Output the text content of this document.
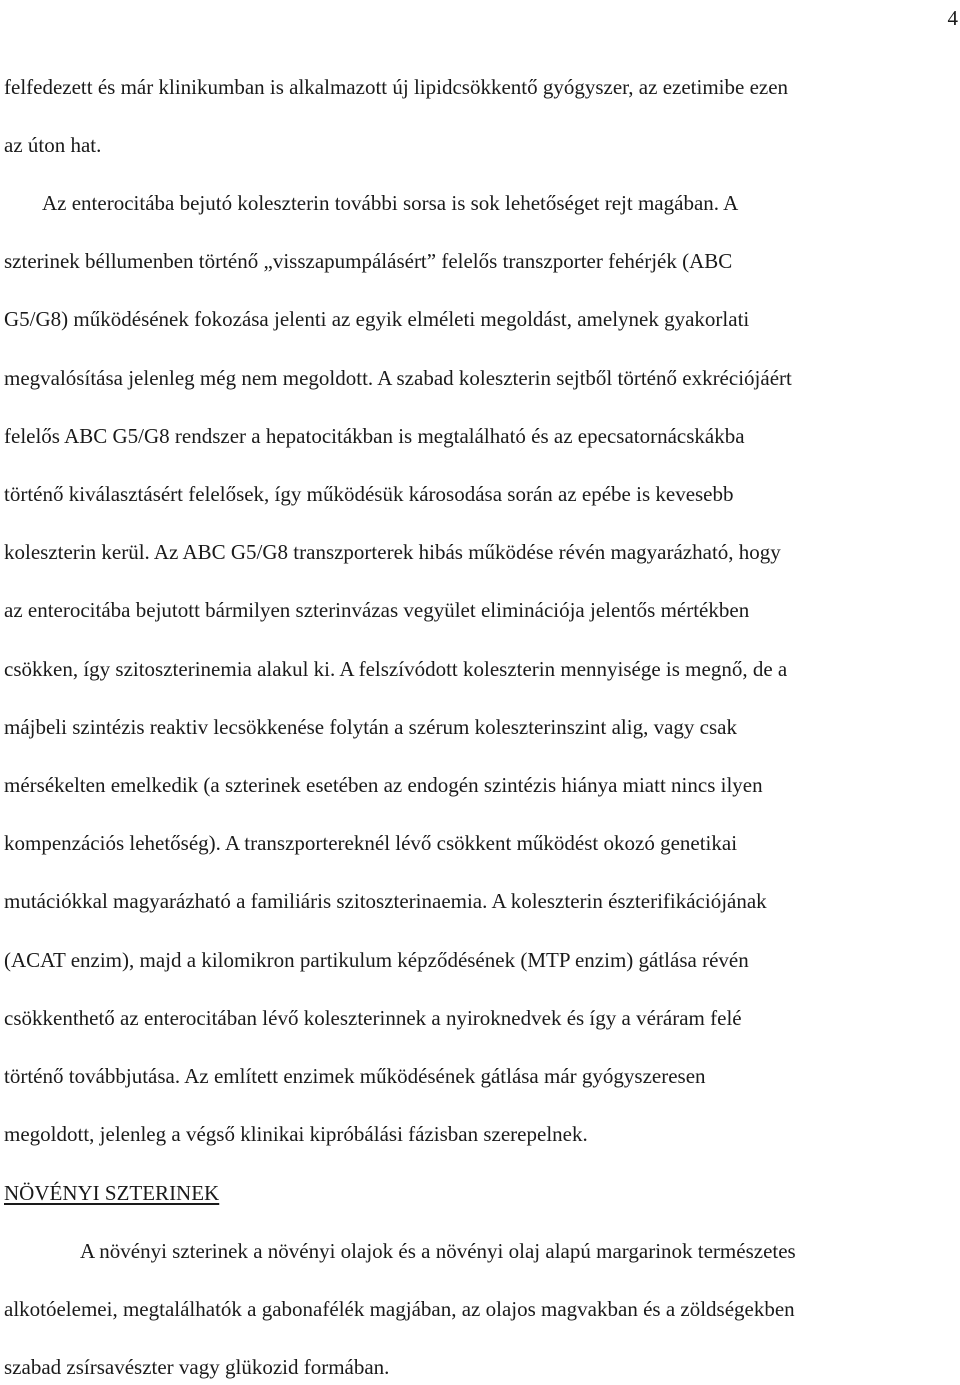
4
felfedezett és már klinikumban is alkalmazott új lipidcsökkentő gyógyszer, az ezetimibe ezen
az úton hat.
Az enterocitába bejutó koleszterin további sorsa is sok lehetőséget rejt magában. A
szterinek béllumenben történő „visszapumpálásért” felelős transzporter fehérjék (ABC
G5/G8) működésének fokozása jelenti az egyik elméleti megoldást, amelynek gyakorlati
megvalósítása jelenleg még nem megoldott. A szabad koleszterin sejtből történő exkréciójáért
felelős ABC G5/G8 rendszer a hepatocitákban is megtalálható és az epecsatornácskákba
történő kiválasztásért felelősek, így működésük károsodása során az epébe is kevesebb
koleszterin kerül. Az ABC G5/G8 transzporterek hibás működése révén magyarázható, hogy
az enterocitába bejutott bármilyen szterinvázas vegyület eliminációja jelentős mértékben
csökken, így szitoszterinemia alakul ki. A felszívódott koleszterin mennyisége is megnő, de a
májbeli szintézis reaktiv lecsökkenése folytán a szérum koleszterinszint alig, vagy csak
mérsékelten emelkedik (a szterinek esetében az endogén szintézis hiánya miatt nincs ilyen
kompenzációs lehetőség). A transzportereknél lévő csökkent működést okozó genetikai
mutációkkal magyarázható a familiáris szitoszterinaemia. A koleszterin észterifikációjának
(ACAT enzim), majd a kilomikron partikulum képződésének (MTP enzim) gátlása révén
csökkenthető az enterocitában lévő koleszterinnek a nyiroknedvek és így a véráram felé
történő továbbjutása. Az említett enzimek működésének gátlása már gyógyszeresen
megoldott, jelenleg a végső klinikai kipróbálási fázisban szerepelnek.
NÖVÉNYI SZTERINEK
A növényi szterinek a növényi olajok és a növényi olaj alapú margarinok természetes
alkotóelemei, megtalálhatók a gabonafélék magjában, az olajos magvakban és a zöldségekben
szabad zsírsavészter vagy glükozid formában.
